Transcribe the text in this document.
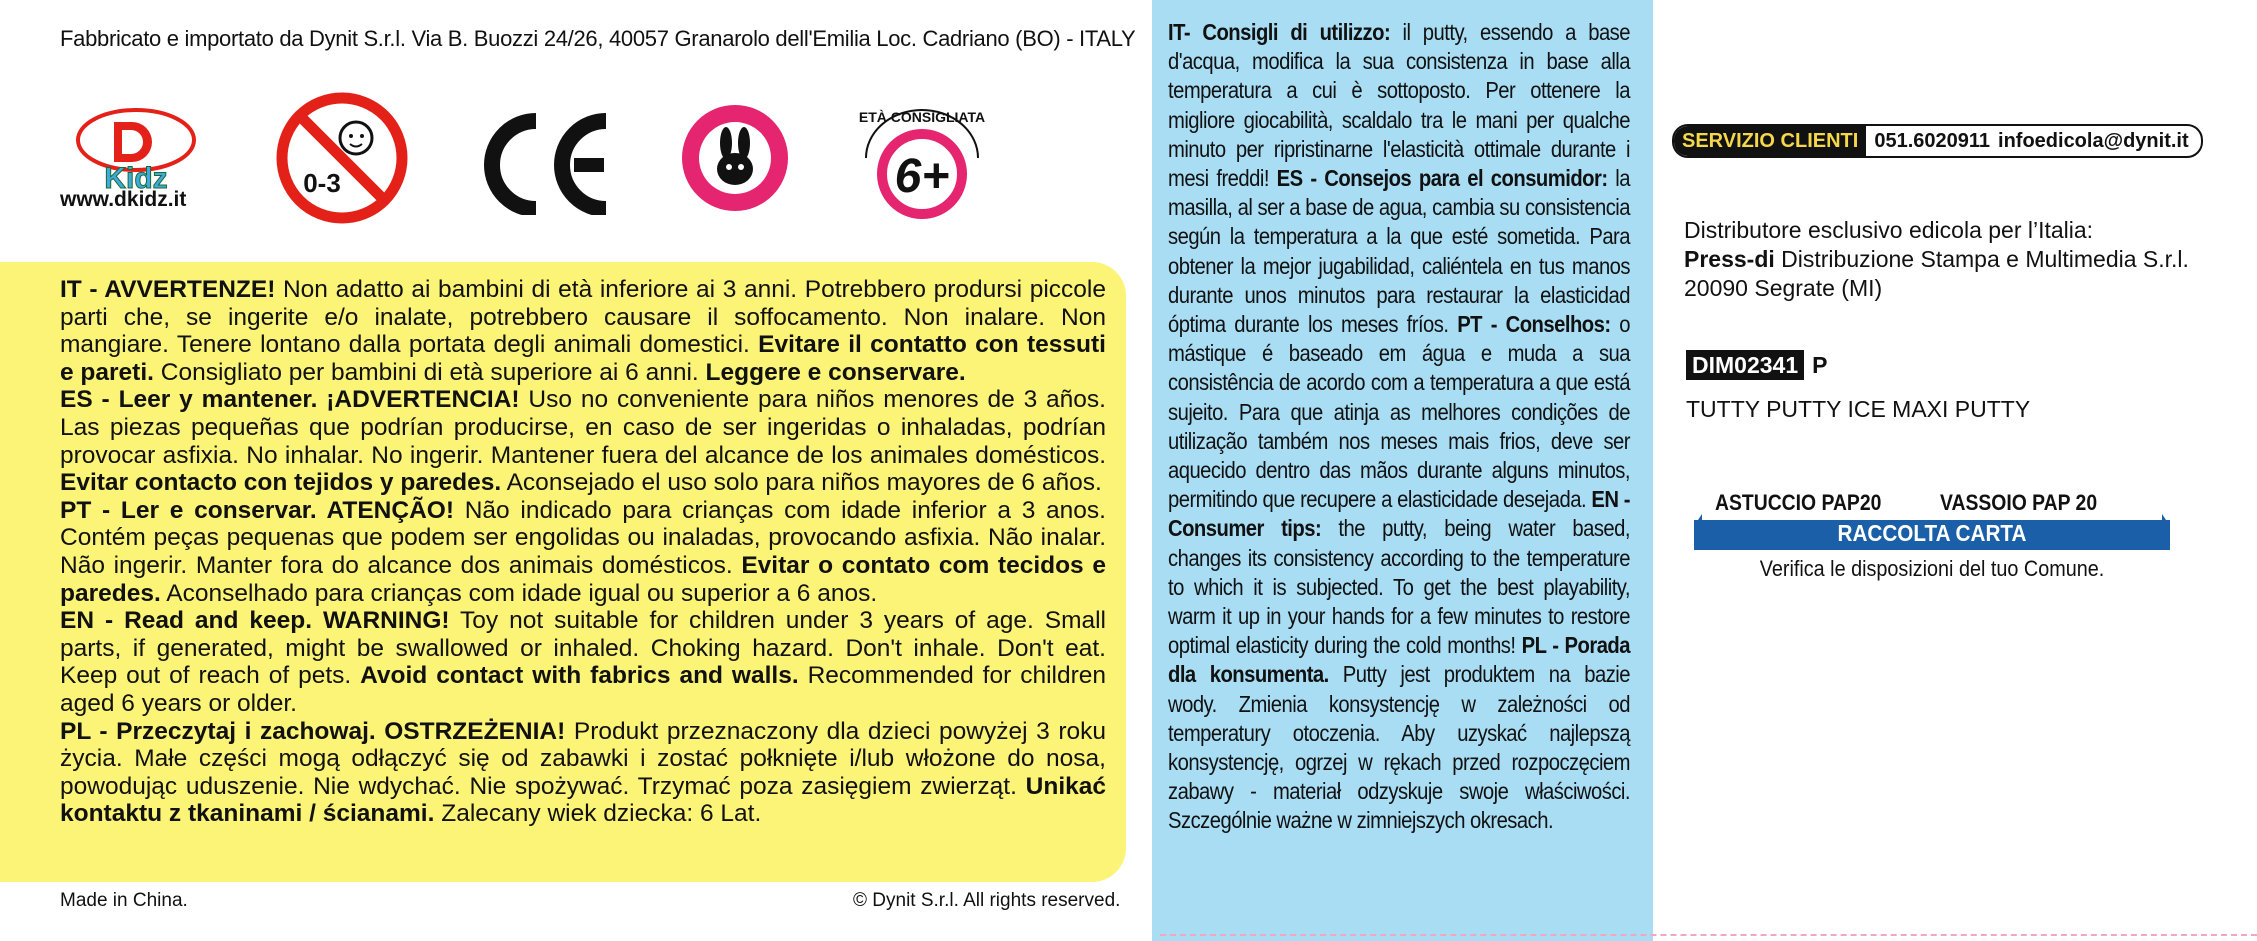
Fabbricato e importato da Dynit S.r.l. Via B. Buozzi 24/26, 40057 Granarolo dell'Emilia Loc. Cadriano (BO) - ITALY
Kidz
www.dkidz.it
0-3
ETÀ CONSIGLIATA
6+

IT - AVVERTENZE! Non adatto ai bambini di età inferiore ai 3 anni. Potrebbero prodursi piccole parti che, se ingerite e/o inalate, potrebbero causare il soffocamento. Non inalare. Non mangiare. Tenere lontano dalla portata degli animali domestici. Evitare il contatto con tessuti e pareti. Consigliato per bambini di età superiore ai 6 anni. Leggere e conservare.

ES - Leer y mantener. ¡ADVERTENCIA! Uso no conveniente para niños menores de 3 años. Las piezas pequeñas que podrían producirse, en caso de ser ingeridas o inhaladas, podrían provocar asfixia. No inhalar. No ingerir. Mantener fuera del alcance de los animales domésticos. Evitar contacto con tejidos y paredes. Aconsejado el uso solo para niños mayores de 6 años.

PT - Ler e conservar. ATENÇÃO! Não indicado para crianças com idade inferior a 3 anos. Contém peças pequenas que podem ser engolidas ou inaladas, provocando asfixia. Não inalar. Não ingerir. Manter fora do alcance dos animais domésticos. Evitar o contato com tecidos e paredes. Aconselhado para crianças com idade igual ou superior a 6 anos.

EN - Read and keep. WARNING! Toy not suitable for children under 3 years of age. Small parts, if generated, might be swallowed or inhaled. Choking hazard. Don't inhale. Don't eat. Keep out of reach of pets. Avoid contact with fabrics and walls. Recommended for children aged 6 years or older.

PL - Przeczytaj i zachowaj. OSTRZEŻENIA! Produkt przeznaczony dla dzieci powyżej 3 roku życia. Małe części mogą odłączyć się od zabawki i zostać połknięte i/lub włożone do nosa, powodując uduszenie. Nie wdychać. Nie spożywać. Trzymać poza zasięgiem zwierząt. Unikać kontaktu z tkaninami / ścianami. Zalecany wiek dziecka: 6 Lat.

Made in China.	© Dynit S.r.l. All rights reserved.

IT- Consigli di utilizzo: il putty, essendo a base d'acqua, modifica la sua consistenza in base alla temperatura a cui è sottoposto. Per ottenere la migliore giocabilità, scaldalo tra le mani per qualche minuto per ripristinarne l'elasticità ottimale durante i mesi freddi! ES - Consejos para el consumidor: la masilla, al ser a base de agua, cambia su consistencia según la temperatura a la que esté sometida. Para obtener la mejor jugabilidad, caliéntela en tus manos durante unos minutos para restaurar la elasticidad óptima durante los meses fríos. PT - Conselhos: o mástique é baseado em água e muda a sua consistência de acordo com a temperatura a que está sujeito. Para que atinja as melhores condições de utilização também nos meses mais frios, deve ser aquecido dentro das mãos durante alguns minutos, permitindo que recupere a elasticidade desejada. EN - Consumer tips: the putty, being water based, changes its consistency according to the temperature to which it is subjected. To get the best playability, warm it up in your hands for a few minutes to restore optimal elasticity during the cold months! PL - Porada dla konsumenta. Putty jest produktem na bazie wody. Zmienia konsystencję w zależności od temperatury otoczenia. Aby uzyskać najlepszą konsystencję, ogrzej w rękach przed rozpoczęciem zabawy - materiał odzyskuje swoje właściwości. Szczególnie ważne w zimniejszych okresach.

SERVIZIO CLIENTI 051.6020911 infoedicola@dynit.it
Distributore esclusivo edicola per l’Italia:
Press-di Distribuzione Stampa e Multimedia S.r.l.
20090 Segrate (MI)
DIM02341 P
TUTTY PUTTY ICE MAXI PUTTY
ASTUCCIO PAP20	VASSOIO PAP 20
RACCOLTA CARTA
Verifica le disposizioni del tuo Comune.
